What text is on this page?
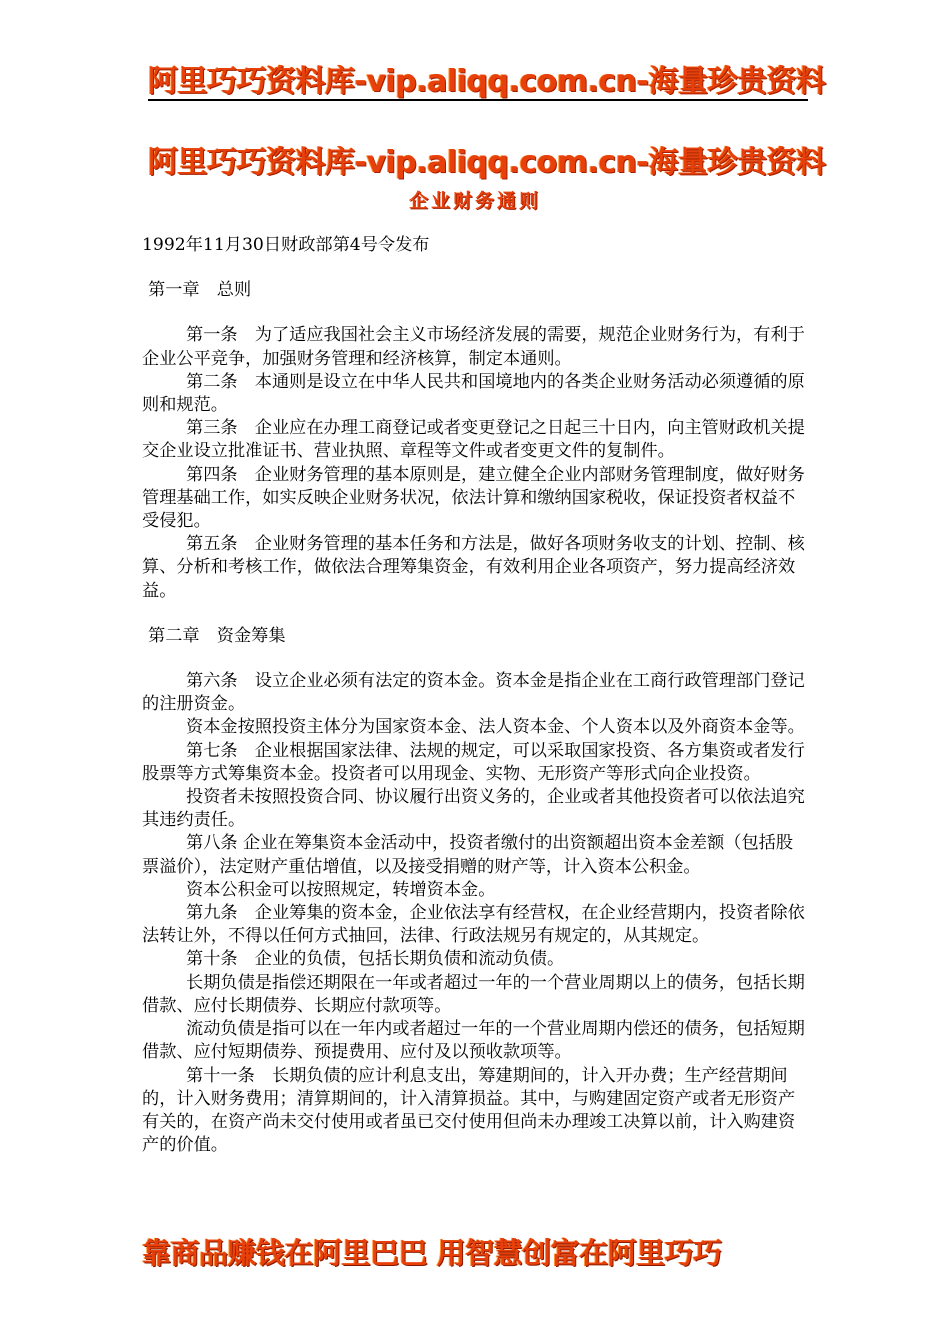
阿里巧巧资料库-vip.aliqq.com.cn-海量珍贵资料
阿里巧巧资料库-vip.aliqq.com.cn-海量珍贵资料
企业财务通则
1992年11月30日财政部第4号令发布
第一章　总则

第一条　为了适应我国社会主义市场经济发展的需要，规范企业财务行为，有利于企业公平竞争，加强财务管理和经济核算，制定本通则。

第二条　本通则是设立在中华人民共和国境地内的各类企业财务活动必须遵循的原则和规范。

第三条　企业应在办理工商登记或者变更登记之日起三十日内，向主管财政机关提交企业设立批准证书、营业执照、章程等文件或者变更文件的复制件。

第四条　企业财务管理的基本原则是，建立健全企业内部财务管理制度，做好财务管理基础工作，如实反映企业财务状况，依法计算和缴纳国家税收，保证投资者权益不受侵犯。

第五条　企业财务管理的基本任务和方法是，做好各项财务收支的计划、控制、核算、分析和考核工作，做依法合理筹集资金，有效利用企业各项资产，努力提高经济效益。

第二章　资金筹集

第六条　设立企业必须有法定的资本金。资本金是指企业在工商行政管理部门登记的注册资金。

资本金按照投资主体分为国家资本金、法人资本金、个人资本以及外商资本金等。

第七条　企业根据国家法律、法规的规定，可以采取国家投资、各方集资或者发行股票等方式筹集资本金。投资者可以用现金、实物、无形资产等形式向企业投资。

投资者未按照投资合同、协议履行出资义务的，企业或者其他投资者可以依法追究其违约责任。

第八条 企业在筹集资本金活动中，投资者缴付的出资额超出资本金差额（包括股票溢价），法定财产重估增值，以及接受捐赠的财产等，计入资本公积金。

资本公积金可以按照规定，转增资本金。

第九条　企业筹集的资本金，企业依法享有经营权，在企业经营期内，投资者除依法转让外，不得以任何方式抽回，法律、行政法规另有规定的，从其规定。

第十条　企业的负债，包括长期负债和流动负债。

长期负债是指偿还期限在一年或者超过一年的一个营业周期以上的债务，包括长期借款、应付长期债券、长期应付款项等。

流动负债是指可以在一年内或者超过一年的一个营业周期内偿还的债务，包括短期借款、应付短期债券、预提费用、应付及以预收款项等。

第十一条　长期负债的应计利息支出，筹建期间的，计入开办费；生产经营期间的，计入财务费用；清算期间的，计入清算损益。其中，与购建固定资产或者无形资产有关的，在资产尚未交付使用或者虽已交付使用但尚未办理竣工决算以前，计入购建资产的价值。

靠商品赚钱在阿里巴巴 用智慧创富在阿里巧巧
